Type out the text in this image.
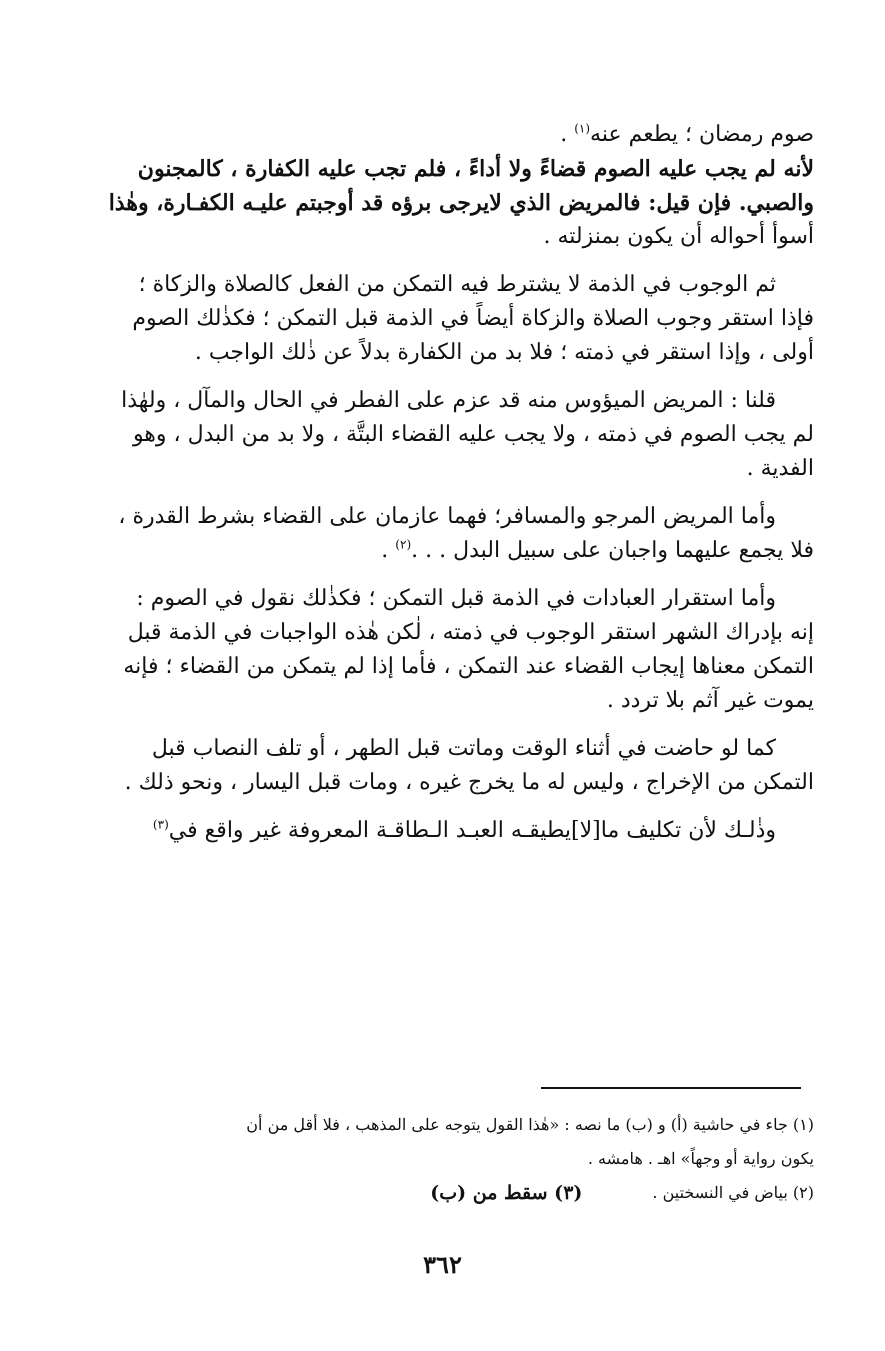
صوم رمضان ؛ يطعم عنه$^{(١)}$ .
لأنه لم يجب عليه الصوم قضاءً ولا أداءً ، فلم تجب عليه الكفارة ، كالمجنون
والصبي. فإن قيل: فالمريض الذي لايرجى برؤه قد أوجبتم عليـه الكفـارة، وهٰذا
أسوأ أحواله أن يكون بمنزلته .
ثم الوجوب في الذمة لا يشترط فيه التمكن من الفعل كالصلاة والزكاة ؛
فإذا استقر وجوب الصلاة والزكاة أيضاً في الذمة قبل التمكن ؛ فكذٰلك الصوم
أولى ، وإذا استقر في ذمته ؛ فلا بد من الكفارة بدلاً عن ذٰلك الواجب .
قلنا : المريض الميؤوس منه قد عزم على الفطر في الحال والمآل ، ولهٰذا
لم يجب الصوم في ذمته ، ولا يجب عليه القضاء البتَّة ، ولا بد من البدل ، وهو
الفدية .
وأما المريض المرجو والمسافر؛ فهما عازمان على القضاء بشرط القدرة ،
فلا يجمع عليهما واجبان على سبيل البدل . . .$^{(٢)}$ .
وأما استقرار العبادات في الذمة قبل التمكن ؛ فكذٰلك نقول في الصوم :
إنه بإدراك الشهر استقر الوجوب في ذمته ، لٰكن هٰذه الواجبات في الذمة قبل
التمكن معناها إيجاب القضاء عند التمكن ، فأما إذا لم يتمكن من القضاء ؛ فإنه
يموت غير آثم بلا تردد .
كما لو حاضت في أثناء الوقت وماتت قبل الطهر ، أو تلف النصاب قبل
التمكن من الإخراج ، وليس له ما يخرج غيره ، ومات قبل اليسار ، ونحو ذلك .
وذٰلـك لأن تكليف ما[لا]يطيقـه العبـد الـطاقـة المعروفة غير واقع في$^{(٣)}$
(١) جاء في حاشية (أ) و (ب) ما نصه : «هٰذا القول يتوجه على المذهب ، فلا أقل من أن
يكون رواية أو وجهاً» اهـ . هامشه .
(٢) بياض في النسختين .
(٣) سقط من (ب)
٣٦٢
